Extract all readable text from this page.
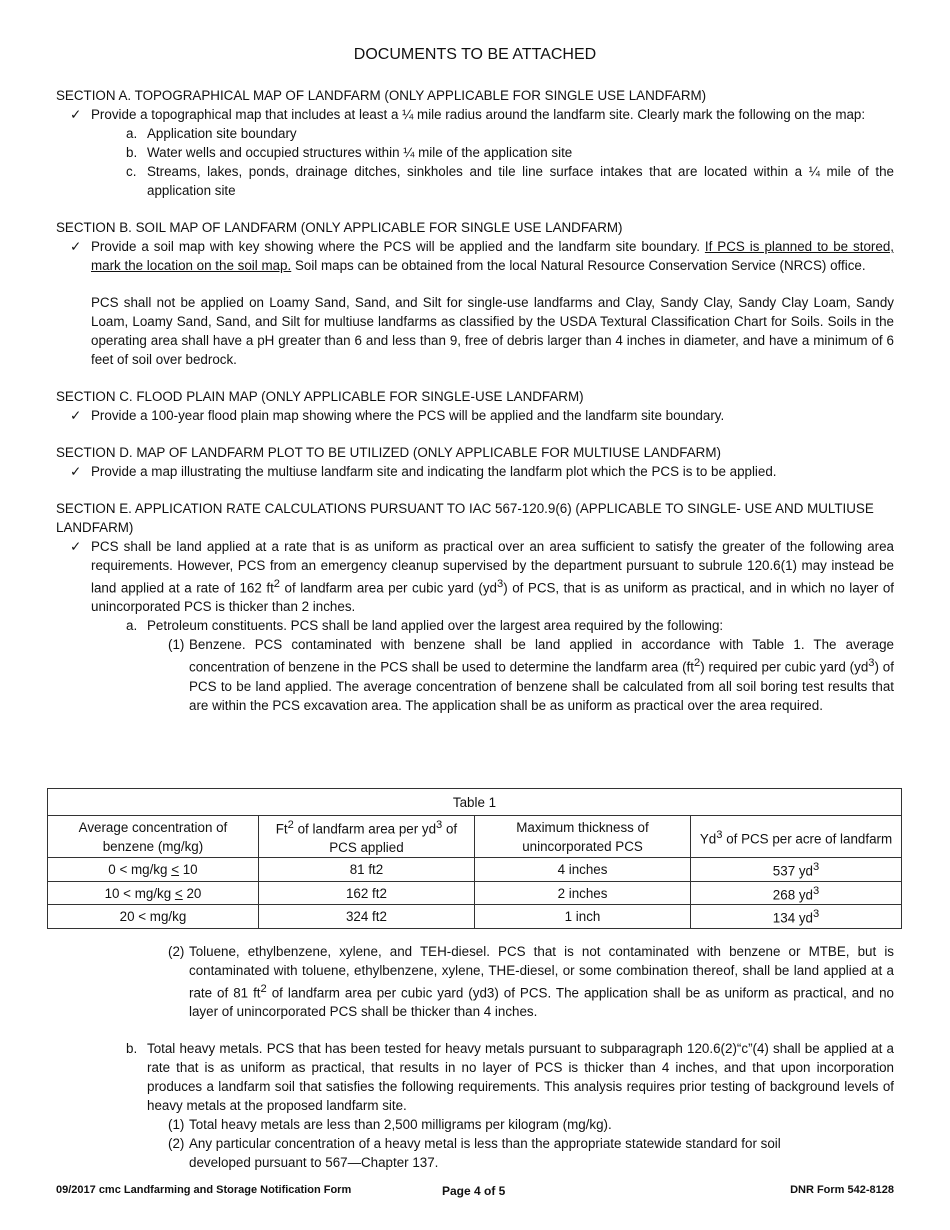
DOCUMENTS TO BE ATTACHED
SECTION A. TOPOGRAPHICAL MAP OF LANDFARM (ONLY APPLICABLE FOR SINGLE USE LANDFARM)
✓ Provide a topographical map that includes at least a ¼ mile radius around the landfarm site. Clearly mark the following on the map:
a. Application site boundary
b. Water wells and occupied structures within ¼ mile of the application site
c. Streams, lakes, ponds, drainage ditches, sinkholes and tile line surface intakes that are located within a ¼ mile of the application site
SECTION B. SOIL MAP OF LANDFARM (ONLY APPLICABLE FOR SINGLE USE LANDFARM)
✓ Provide a soil map with key showing where the PCS will be applied and the landfarm site boundary. If PCS is planned to be stored, mark the location on the soil map. Soil maps can be obtained from the local Natural Resource Conservation Service (NRCS) office.
PCS shall not be applied on Loamy Sand, Sand, and Silt for single-use landfarms and Clay, Sandy Clay, Sandy Clay Loam, Sandy Loam, Loamy Sand, Sand, and Silt for multiuse landfarms as classified by the USDA Textural Classification Chart for Soils. Soils in the operating area shall have a pH greater than 6 and less than 9, free of debris larger than 4 inches in diameter, and have a minimum of 6 feet of soil over bedrock.
SECTION C. FLOOD PLAIN MAP (ONLY APPLICABLE FOR SINGLE-USE LANDFARM)
✓ Provide a 100-year flood plain map showing where the PCS will be applied and the landfarm site boundary.
SECTION D. MAP OF LANDFARM PLOT TO BE UTILIZED (ONLY APPLICABLE FOR MULTIUSE LANDFARM)
✓ Provide a map illustrating the multiuse landfarm site and indicating the landfarm plot which the PCS is to be applied.
SECTION E. APPLICATION RATE CALCULATIONS PURSUANT TO IAC 567-120.9(6) (APPLICABLE TO SINGLE- USE AND MULTIUSE LANDFARM)
✓ PCS shall be land applied at a rate that is as uniform as practical over an area sufficient to satisfy the greater of the following area requirements. However, PCS from an emergency cleanup supervised by the department pursuant to subrule 120.6(1) may instead be land applied at a rate of 162 $ft^2$ of landfarm area per cubic yard $(yd^3)$ of PCS, that is as uniform as practical, and in which no layer of unincorporated PCS is thicker than 2 inches.
a. Petroleum constituents. PCS shall be land applied over the largest area required by the following:
(1) Benzene. PCS contaminated with benzene shall be land applied in accordance with Table 1. The average concentration of benzene in the PCS shall be used to determine the landfarm area $(ft^2)$ required per cubic yard $(yd^3)$ of PCS to be land applied. The average concentration of benzene shall be calculated from all soil boring test results that are within the PCS excavation area. The application shall be as uniform as practical over the area required.
Table 1			
Average concentration of benzene (mg/kg)	Ft$^2$ of landfarm area per $yd^3$ of PCS applied	Maximum thickness of unincorporated PCS	Yd$^3$ of PCS per acre of landfarm
0 < mg/kg < 10	81 ft2	4 inches	537 $yd^3$
10 < mg/kg < 20	162 ft2	2 inches	268 $yd^3$
20 < mg/kg	324 ft2	1 inch	134 $yd^3$
(2) Toluene, ethylbenzene, xylene, and TEH-diesel. PCS that is not contaminated with benzene or MTBE, but is contaminated with toluene, ethylbenzene, xylene, THE-diesel, or some combination thereof, shall be land applied at a rate of 81 $ft^2$ of landfarm area per cubic yard (yd3) of PCS. The application shall be as uniform as practical, and no layer of unincorporated PCS shall be thicker than 4 inches.
b. Total heavy metals. PCS that has been tested for heavy metals pursuant to subparagraph 120.6(2)“c”(4) shall be applied at a rate that is as uniform as practical, that results in no layer of PCS is thicker than 4 inches, and that upon incorporation produces a landfarm soil that satisfies the following requirements. This analysis requires prior testing of background levels of heavy metals at the proposed landfarm site.
(1) Total heavy metals are less than 2,500 milligrams per kilogram (mg/kg).
(2) Any particular concentration of a heavy metal is less than the appropriate statewide standard for soil developed pursuant to 567—Chapter 137.
09/2017 cmc Landfarming and Storage Notification Form	Page 4 of 5	DNR Form 542-8128
